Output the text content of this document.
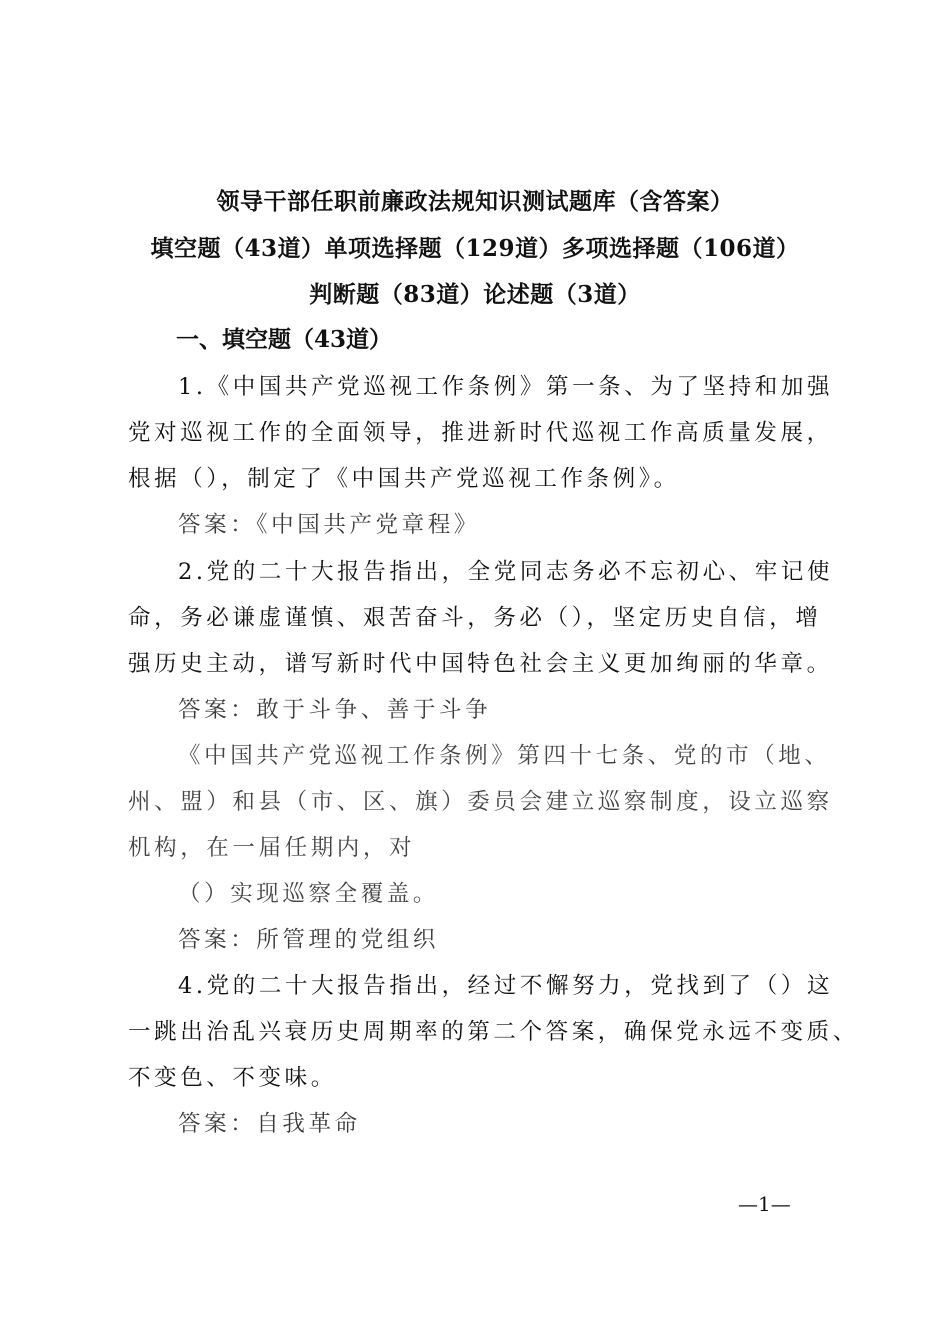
领导干部任职前廉政法规知识测试题库（含答案）
填空题（43道）单项选择题（129道）多项选择题（106道）
判断题（83道）论述题（3道）
一、填空题（43道）
1.《中国共产党巡视工作条例》第一条、为了坚持和加强
党对巡视工作的全面领导，推进新时代巡视工作高质量发展，
根据（），制定了《中国共产党巡视工作条例》。
答案：《中国共产党章程》
2.党的二十大报告指出，全党同志务必不忘初心、牢记使
命，务必谦虚谨慎、艰苦奋斗，务必（），坚定历史自信，增
强历史主动，谱写新时代中国特色社会主义更加绚丽的华章。
答案：敢于斗争、善于斗争
《中国共产党巡视工作条例》第四十七条、党的市（地、
州、盟）和县（市、区、旗）委员会建立巡察制度，设立巡察
机构，在一届任期内，对
（）实现巡察全覆盖。
答案：所管理的党组织
4.党的二十大报告指出，经过不懈努力，党找到了（）这
一跳出治乱兴衰历史周期率的第二个答案，确保党永远不变质、
不变色、不变味。
答案：自我革命
—1—
